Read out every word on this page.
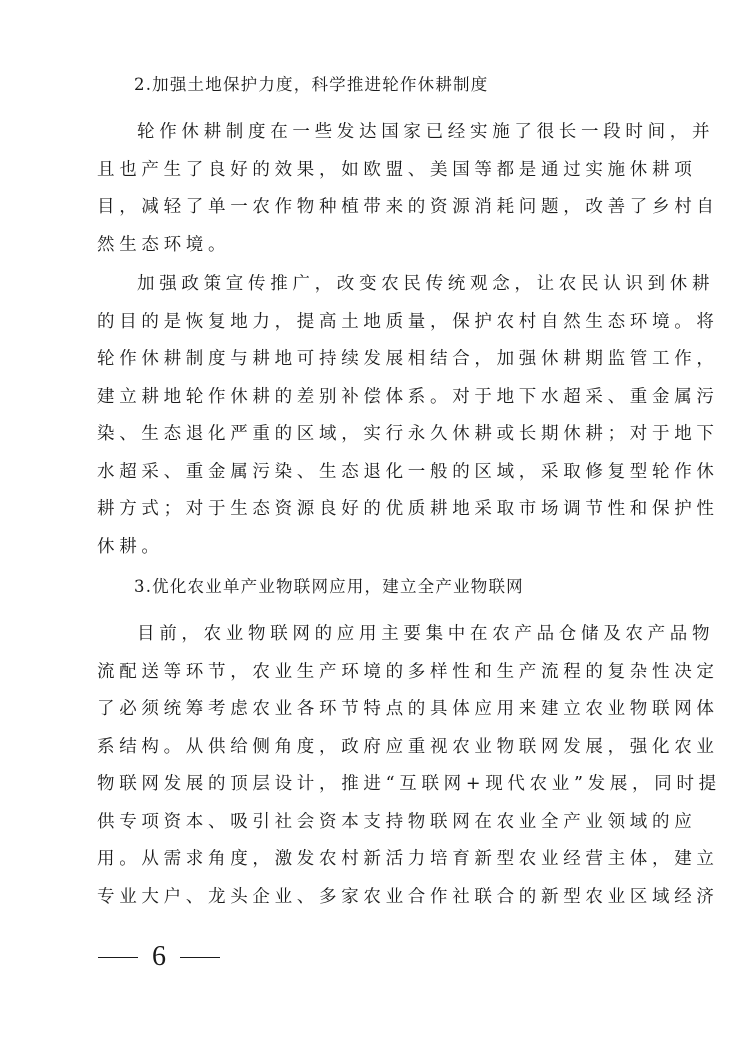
2.加强土地保护力度，科学推进轮作休耕制度
轮作休耕制度在一些发达国家已经实施了很长一段时间，并
且也产生了良好的效果，如欧盟、美国等都是通过实施休耕项
目，减轻了单一农作物种植带来的资源消耗问题，改善了乡村自
然生态环境。
加强政策宣传推广，改变农民传统观念，让农民认识到休耕
的目的是恢复地力，提高土地质量，保护农村自然生态环境。将
轮作休耕制度与耕地可持续发展相结合，加强休耕期监管工作，
建立耕地轮作休耕的差别补偿体系。对于地下水超采、重金属污
染、生态退化严重的区域，实行永久休耕或长期休耕；对于地下
水超采、重金属污染、生态退化一般的区域，采取修复型轮作休
耕方式；对于生态资源良好的优质耕地采取市场调节性和保护性
休耕。
3.优化农业单产业物联网应用，建立全产业物联网
目前，农业物联网的应用主要集中在农产品仓储及农产品物
流配送等环节，农业生产环境的多样性和生产流程的复杂性决定
了必须统筹考虑农业各环节特点的具体应用来建立农业物联网体
系结构。从供给侧角度，政府应重视农业物联网发展，强化农业
物联网发展的顶层设计，推进“互联网+现代农业”发展，同时提
供专项资本、吸引社会资本支持物联网在农业全产业领域的应
用。从需求角度，激发农村新活力培育新型农业经营主体，建立
专业大户、龙头企业、多家农业合作社联合的新型农业区域经济
6
